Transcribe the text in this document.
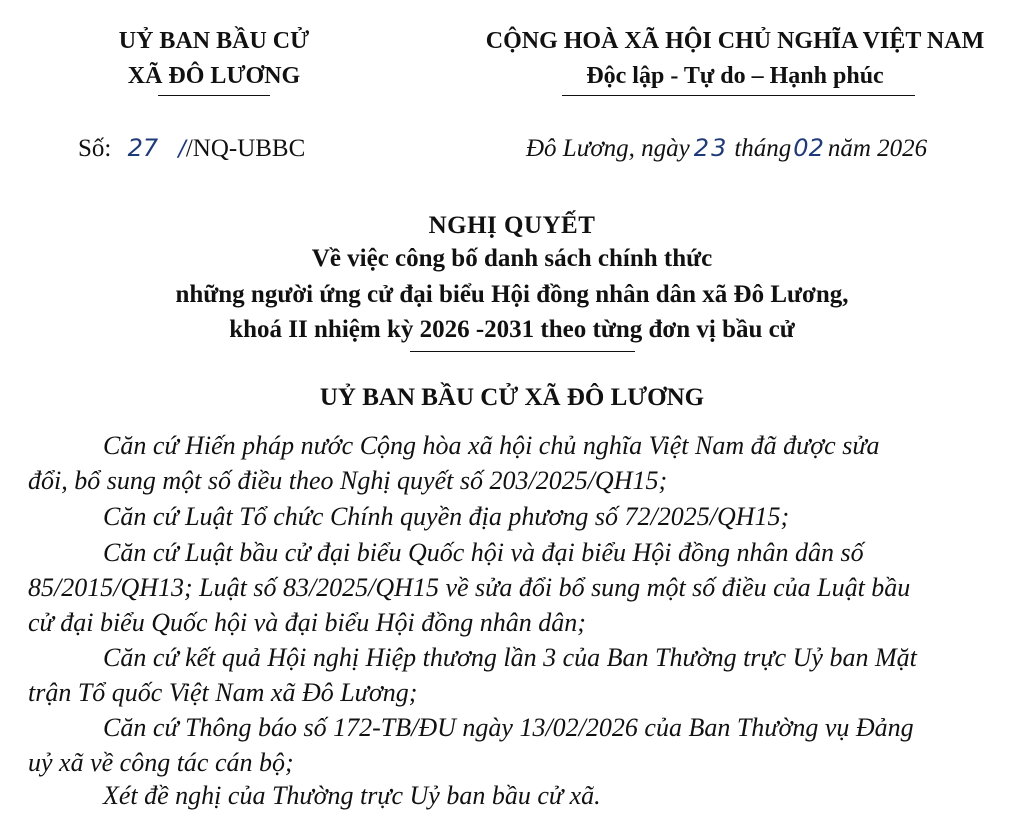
UỶ BAN BẦU CỬ
XÃ ĐÔ LƯƠNG
CỘNG HOÀ XÃ HỘI CHỦ NGHĨA VIỆT NAM
Độc lập - Tự do – Hạnh phúc
Số: 27 //NQ-UBBC	Đô Lương, ngày 23 tháng02 năm 2026
NGHỊ QUYẾT
Về việc công bố danh sách chính thức
những người ứng cử đại biểu Hội đồng nhân dân xã Đô Lương,
khoá II nhiệm kỳ 2026 -2031 theo từng đơn vị bầu cử
UỶ BAN BẦU CỬ XÃ ĐÔ LƯƠNG
Căn cứ Hiến pháp nước Cộng hòa xã hội chủ nghĩa Việt Nam đã được sửa
đổi, bổ sung một số điều theo Nghị quyết số 203/2025/QH15;
Căn cứ Luật Tổ chức Chính quyền địa phương số 72/2025/QH15;
Căn cứ Luật bầu cử đại biểu Quốc hội và đại biểu Hội đồng nhân dân số
85/2015/QH13; Luật số 83/2025/QH15 về sửa đổi bổ sung một số điều của Luật bầu
cử đại biểu Quốc hội và đại biểu Hội đồng nhân dân;
Căn cứ kết quả Hội nghị Hiệp thương lần 3 của Ban Thường trực Uỷ ban Mặt
trận Tổ quốc Việt Nam xã Đô Lương;
Căn cứ Thông báo số 172-TB/ĐU ngày 13/02/2026 của Ban Thường vụ Đảng
uỷ xã về công tác cán bộ;
Xét đề nghị của Thường trực Uỷ ban bầu cử xã.
